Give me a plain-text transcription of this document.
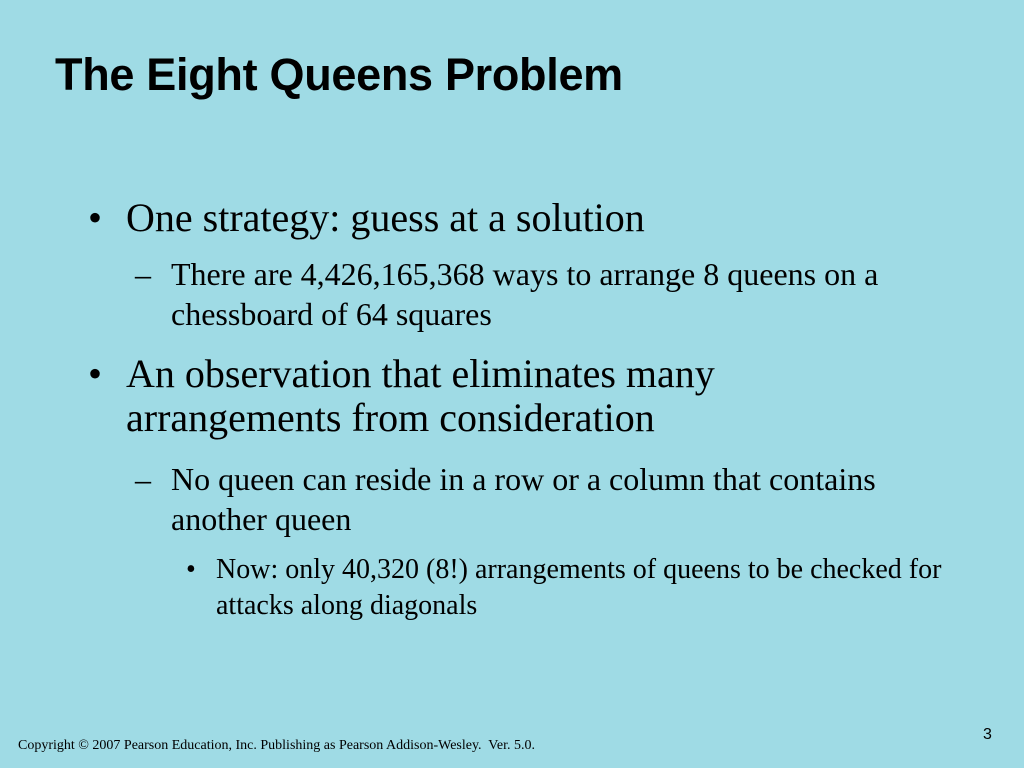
The Eight Queens Problem
• One strategy: guess at a solution
– There are 4,426,165,368 ways to arrange 8 queens on a chessboard of 64 squares
• An observation that eliminates many arrangements from consideration
– No queen can reside in a row or a column that contains another queen
• Now: only 40,320 (8!) arrangements of queens to be checked for attacks along diagonals
Copyright © 2007 Pearson Education, Inc. Publishing as Pearson Addison-Wesley.  Ver. 5.0.
3
